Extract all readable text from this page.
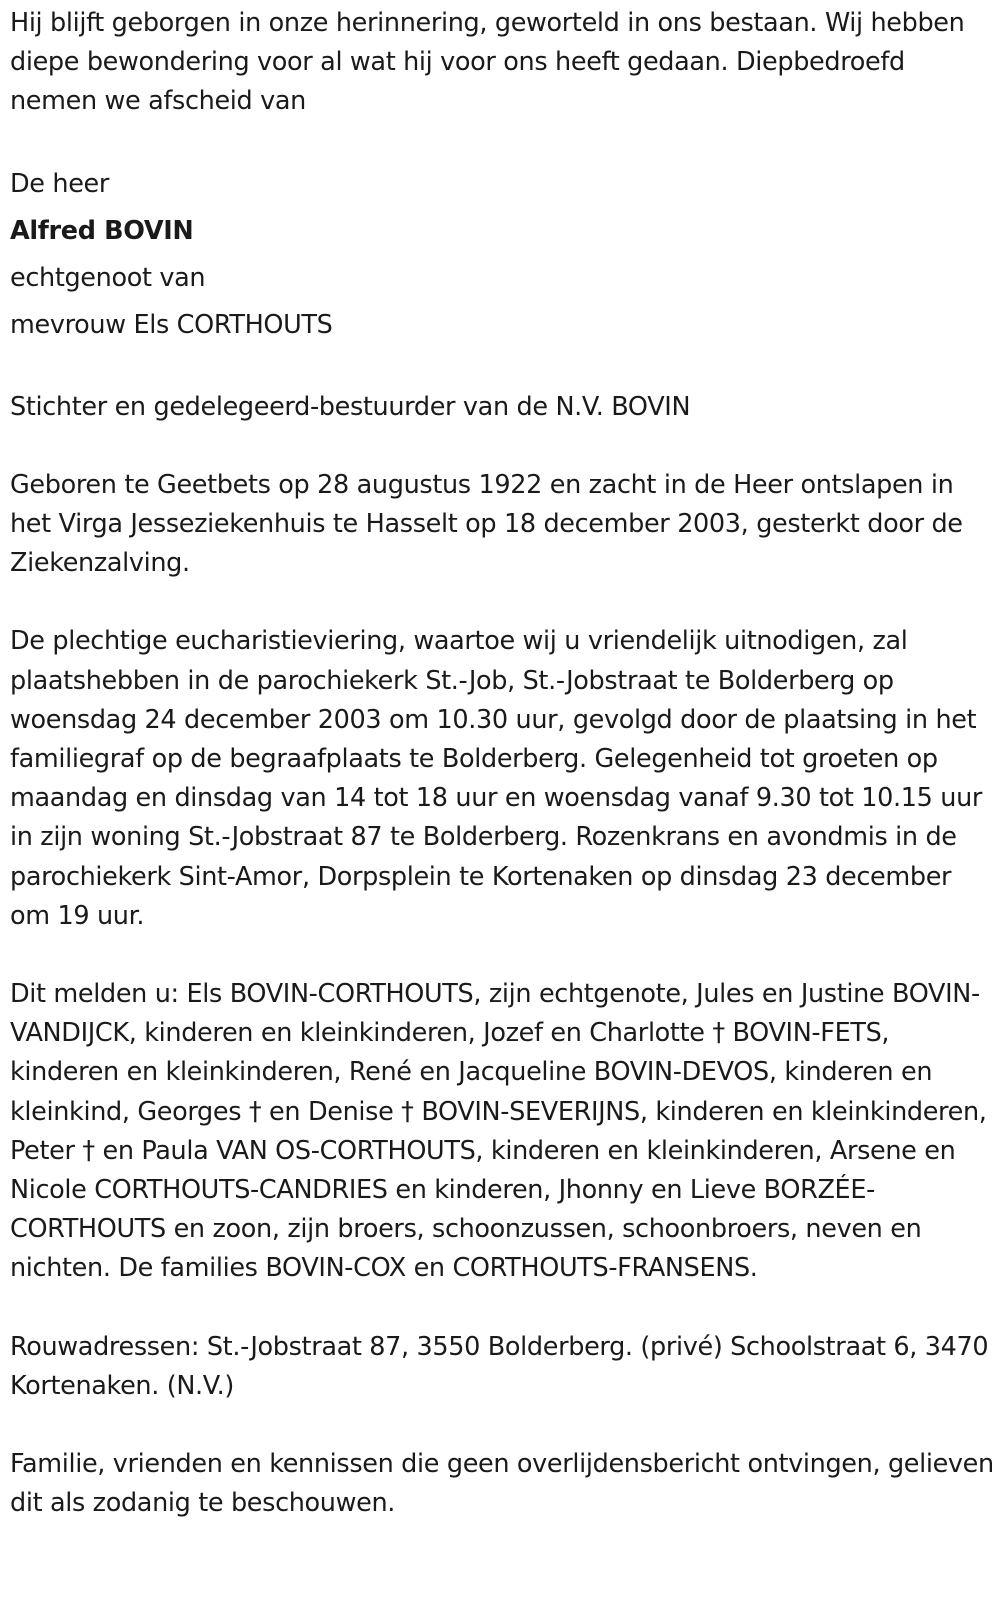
Hij blijft geborgen in onze herinnering, geworteld in ons bestaan. Wij hebben diepe bewondering voor al wat hij voor ons heeft gedaan. Diepbedroefd nemen we afscheid van

De heer

Alfred BOVIN

echtgenoot van

mevrouw Els CORTHOUTS

Stichter en gedelegeerd-bestuurder van de N.V. BOVIN

Geboren te Geetbets op 28 augustus 1922 en zacht in de Heer ontslapen in het Virga Jesseziekenhuis te Hasselt op 18 december 2003, gesterkt door de Ziekenzalving.

De plechtige eucharistieviering, waartoe wij u vriendelijk uitnodigen, zal plaatshebben in de parochiekerk St.-Job, St.-Jobstraat te Bolderberg op woensdag 24 december 2003 om 10.30 uur, gevolgd door de plaatsing in het familiegraf op de begraafplaats te Bolderberg. Gelegenheid tot groeten op maandag en dinsdag van 14 tot 18 uur en woensdag vanaf 9.30 tot 10.15 uur in zijn woning St.-Jobstraat 87 te Bolderberg. Rozenkrans en avondmis in de parochiekerk Sint-Amor, Dorpsplein te Kortenaken op dinsdag 23 december om 19 uur.

Dit melden u: Els BOVIN-CORTHOUTS, zijn echtgenote, Jules en Justine BOVIN-VANDIJCK, kinderen en kleinkinderen, Jozef en Charlotte † BOVIN-FETS, kinderen en kleinkinderen, René en Jacqueline BOVIN-DEVOS, kinderen en kleinkind, Georges † en Denise † BOVIN-SEVERIJNS, kinderen en kleinkinderen, Peter † en Paula VAN OS-CORTHOUTS, kinderen en kleinkinderen, Arsene en Nicole CORTHOUTS-CANDRIES en kinderen, Jhonny en Lieve BORZÉE-CORTHOUTS en zoon, zijn broers, schoonzussen, schoonbroers, neven en nichten. De families BOVIN-COX en CORTHOUTS-FRANSENS.

Rouwadressen: St.-Jobstraat 87, 3550 Bolderberg. (privé) Schoolstraat 6, 3470 Kortenaken. (N.V.)

Familie, vrienden en kennissen die geen overlijdensbericht ontvingen, gelieven dit als zodanig te beschouwen.
